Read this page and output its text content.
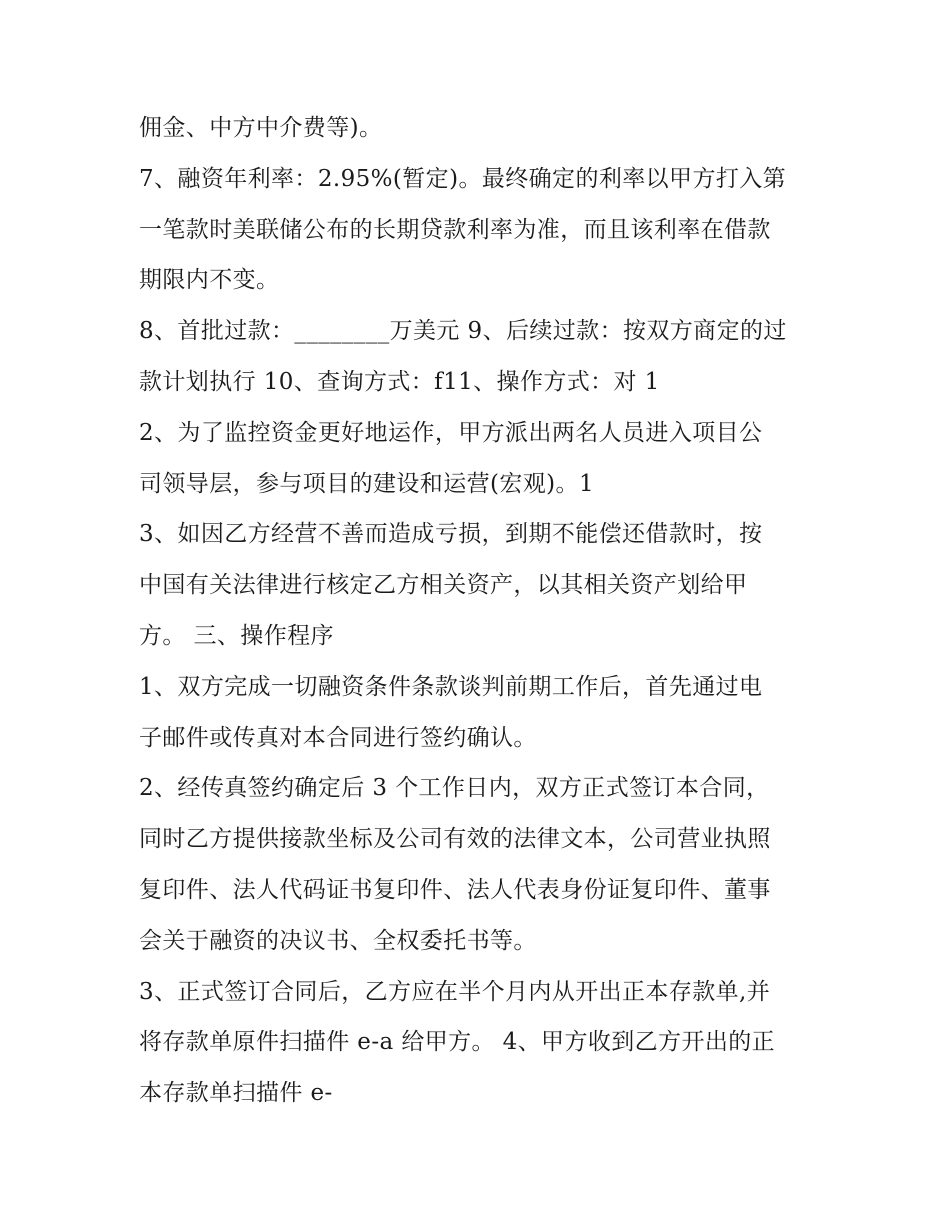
佣金、中方中介费等)。
7、融资年利率：2.95%(暂定)。最终确定的利率以甲方打入第
一笔款时美联储公布的长期贷款利率为准，而且该利率在借款
期限内不变。
8、首批过款：________万美元 9、后续过款：按双方商定的过
款计划执行 10、查询方式：f11、操作方式：对 1
2、为了监控资金更好地运作，甲方派出两名人员进入项目公
司领导层，参与项目的建设和运营(宏观)。1
3、如因乙方经营不善而造成亏损，到期不能偿还借款时，按
中国有关法律进行核定乙方相关资产，以其相关资产划给甲
方。 三、操作程序
1、双方完成一切融资条件条款谈判前期工作后，首先通过电
子邮件或传真对本合同进行签约确认。
2、经传真签约确定后 3 个工作日内，双方正式签订本合同，
同时乙方提供接款坐标及公司有效的法律文本，公司营业执照
复印件、法人代码证书复印件、法人代表身份证复印件、董事
会关于融资的决议书、全权委托书等。
3、正式签订合同后，乙方应在半个月内从开出正本存款单,并
将存款单原件扫描件 e-a 给甲方。 4、甲方收到乙方开出的正
本存款单扫描件 e-
